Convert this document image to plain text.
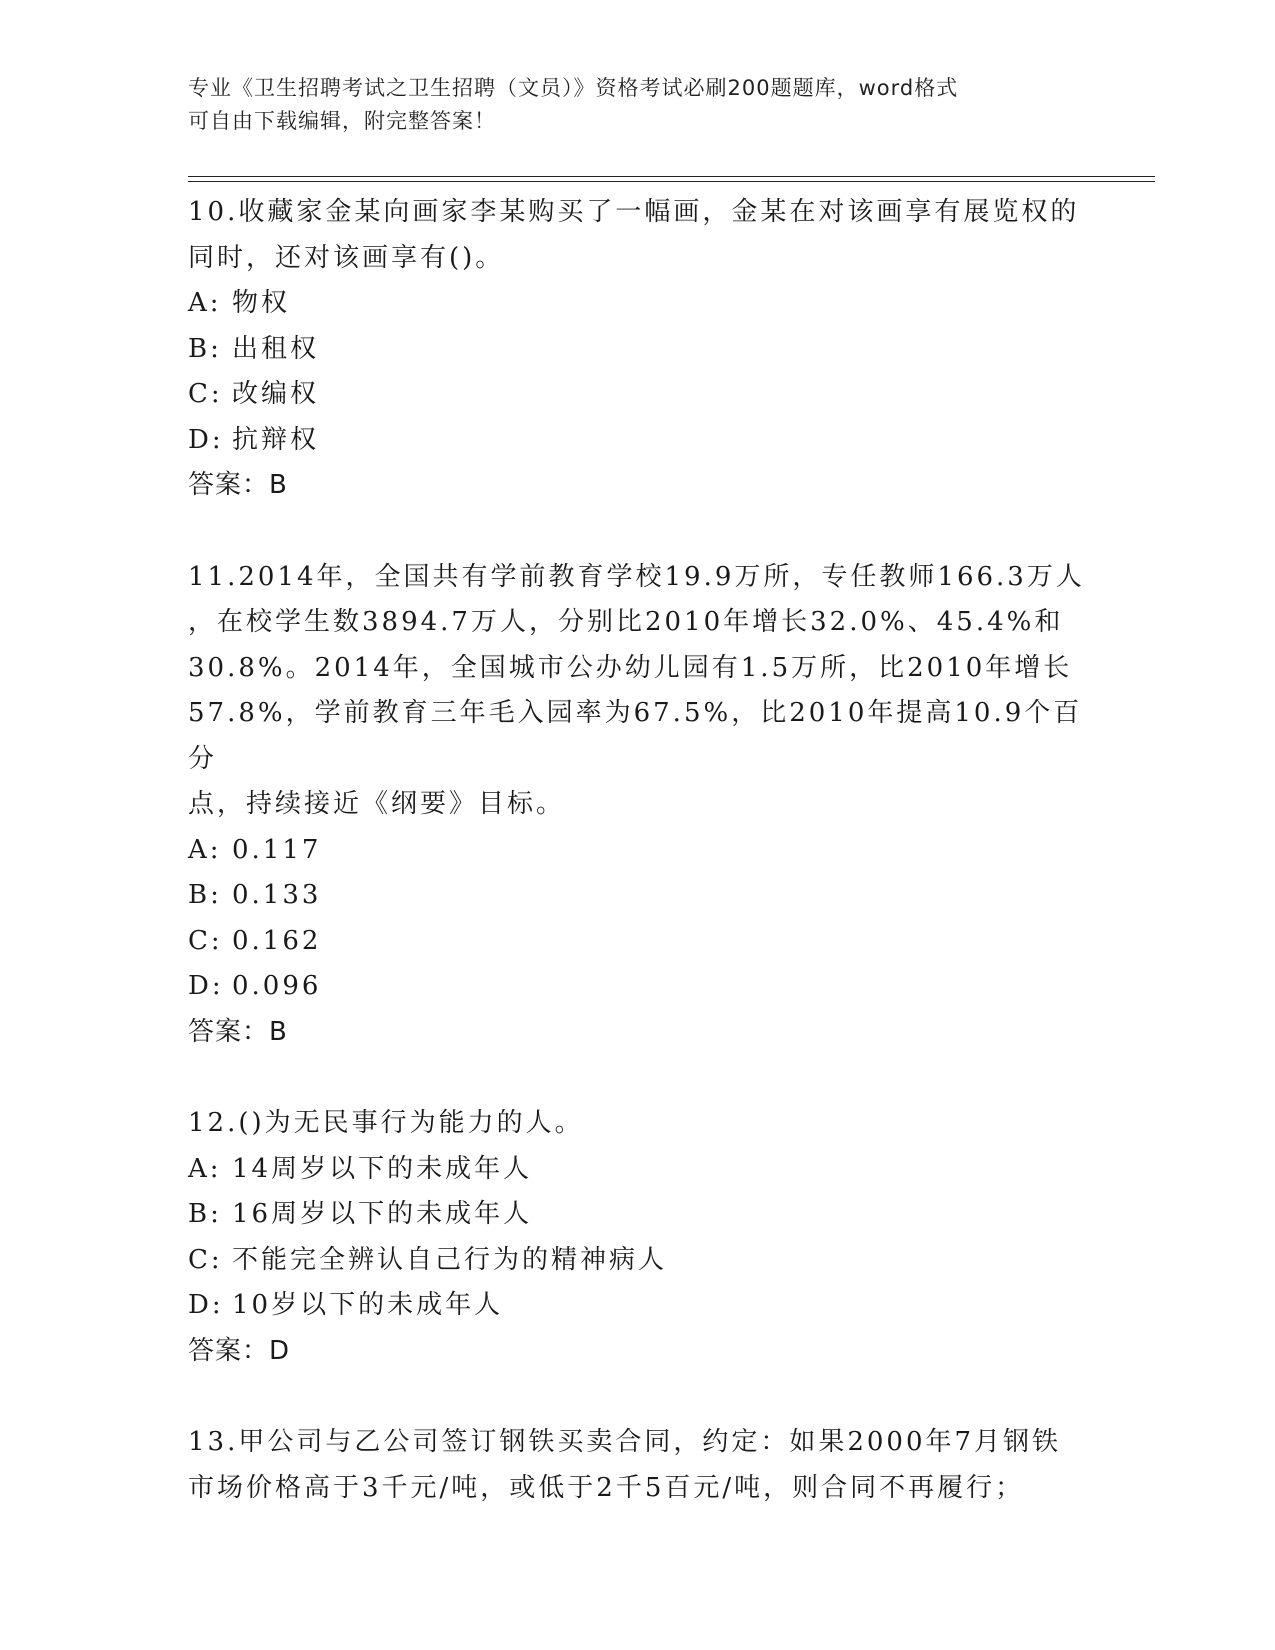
专业《卫生招聘考试之卫生招聘（文员）》资格考试必刷200题题库，word格式
可自由下载编辑，附完整答案！

10.收藏家金某向画家李某购买了一幅画，金某在对该画享有展览权的

同时，还对该画享有()。

A: 物权

B: 出租权

C: 改编权

D: 抗辩权

答案：B

11.2014年，全国共有学前教育学校19.9万所，专任教师166.3万人

，在校学生数3894.7万人，分别比2010年增长32.0%、45.4%和

30.8%。2014年，全国城市公办幼儿园有1.5万所，比2010年增长

57.8%，学前教育三年毛入园率为67.5%，比2010年提高10.9个百分

点，持续接近《纲要》目标。

A: 0.117

B: 0.133

C: 0.162

D: 0.096

答案：B

12.()为无民事行为能力的人。

A: 14周岁以下的未成年人

B: 16周岁以下的未成年人

C: 不能完全辨认自己行为的精神病人

D: 10岁以下的未成年人

答案：D

13.甲公司与乙公司签订钢铁买卖合同，约定：如果2000年7月钢铁

市场价格高于3千元/吨，或低于2千5百元/吨，则合同不再履行；
